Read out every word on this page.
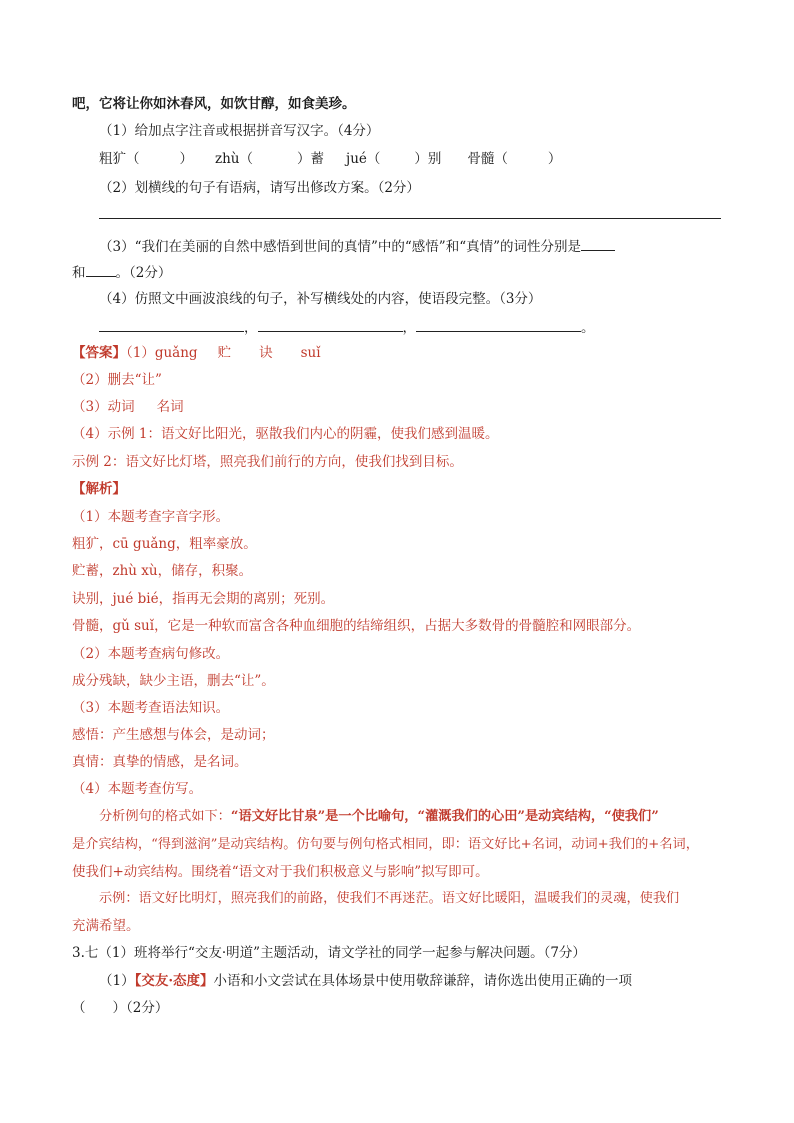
吧，它将让你如沐春风，如饮甘醇，如食美珍。
（1）给加点字注音或根据拼音写汉字。（4分）
粗犷（	） zhù（	）蓄 jué（	）别 骨髓（	）
（2）划横线的句子有语病，请写出修改方案。（2分）
（3）“我们在美丽的自然中感悟到世间的真情”中的“感悟”和“真情”的词性分别是
和 。（2分）
（4）仿照文中画波浪线的句子，补写横线处的内容，使语段完整。（3分）
，	，	。
【答案】（1）guǎng 贮 诀 suǐ
（2）删去“让”
（3）动词 名词
（4）示例 1：语文好比阳光，驱散我们内心的阴霾，使我们感到温暖。
示例 2：语文好比灯塔，照亮我们前行的方向，使我们找到目标。
【解析】
（1）本题考查字音字形。
粗犷，cū guǎng，粗率豪放。
贮蓄，zhù xù，储存，积聚。
诀别，jué bié，指再无会期的离别；死别。
骨髓，gǔ suǐ，它是一种软而富含各种血细胞的结缔组织，占据大多数骨的骨髓腔和网眼部分。
（2）本题考查病句修改。
成分残缺，缺少主语，删去“让”。
（3）本题考查语法知识。
感悟：产生感想与体会，是动词；
真情：真挚的情感，是名词。
（4）本题考查仿写。
分析例句的格式如下：“语文好比甘泉”是一个比喻句，“灌溉我们的心田”是动宾结构，“使我们”
是介宾结构，“得到滋润”是动宾结构。仿句要与例句格式相同，即：语文好比+名词，动词+我们的+名词，
使我们+动宾结构。围绕着“语文对于我们积极意义与影响”拟写即可。
示例：语文好比明灯，照亮我们的前路，使我们不再迷茫。语文好比暖阳，温暖我们的灵魂，使我们
充满希望。
3.七（1）班将举行“交友·明道”主题活动，请文学社的同学一起参与解决问题。（7分）
（1）【交友·态度】小语和小文尝试在具体场景中使用敬辞谦辞，请你选出使用正确的一项
（　　）（2分）
